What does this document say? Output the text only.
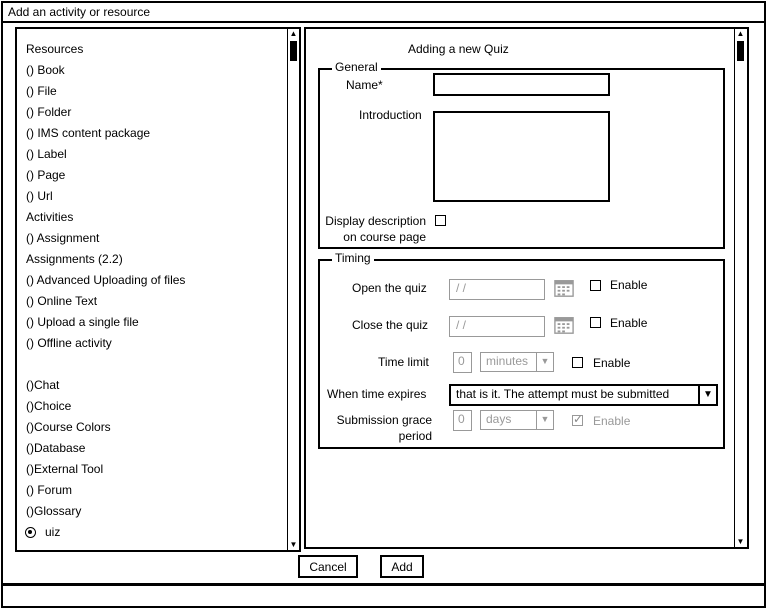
Add an activity or resource
▲
▼
Resources
() Book
() File
() Folder
() IMS content package
() Label
() Page
() Url
Activities
() Assignment
Assignments (2.2)
() Advanced Uploading of files
() Online Text
() Upload a single file
() Offline activity
()Chat
()Choice
()Course Colors
()Database
()External Tool
() Forum
()Glossary
uiz
▲
▼
Adding a new Quiz
General
Name*
Introduction
Display description
on course page
Timing
Open the quiz	/ /	Enable
Close the quiz	/ /	Enable
Time limit	0	minutes	▼	Enable
When time expires	that is it. The attempt must be submitted	▼
Submission grace
period
0	days	▼ ✓ Enable
Cancel	Add
